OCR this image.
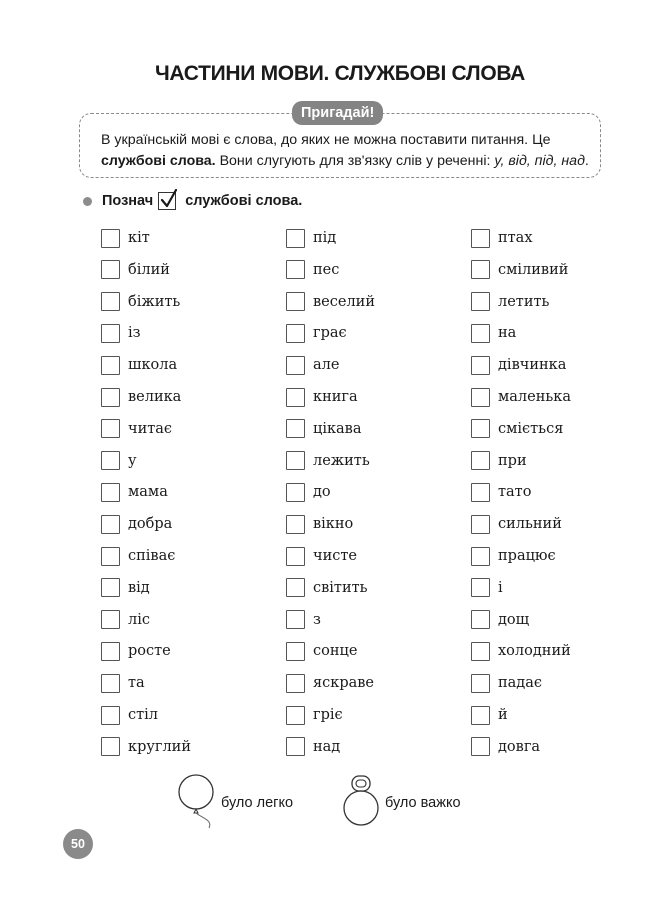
ЧАСТИНИ МОВИ. СЛУЖБОВІ СЛОВА
Пригадай!
В українській мові є слова, до яких не можна поставити питання. Це службові слова. Вони слугують для зв'язку слів у реченні: у, від, під, над.
Познач службові слова.
кіт
білий
біжить
із
школа
велика
читає
у
мама
добра
співає
від
ліс
росте
та
стіл
круглий
під
пес
веселий
грає
але
книга
цікава
лежить
до
вікно
чисте
світить
з
сонце
яскраве
гріє
над
птах
сміливий
летить
на
дівчинка
маленька
сміється
при
тато
сильний
працює
і
дощ
холодний
падає
й
довга
було легко	було важко
50
